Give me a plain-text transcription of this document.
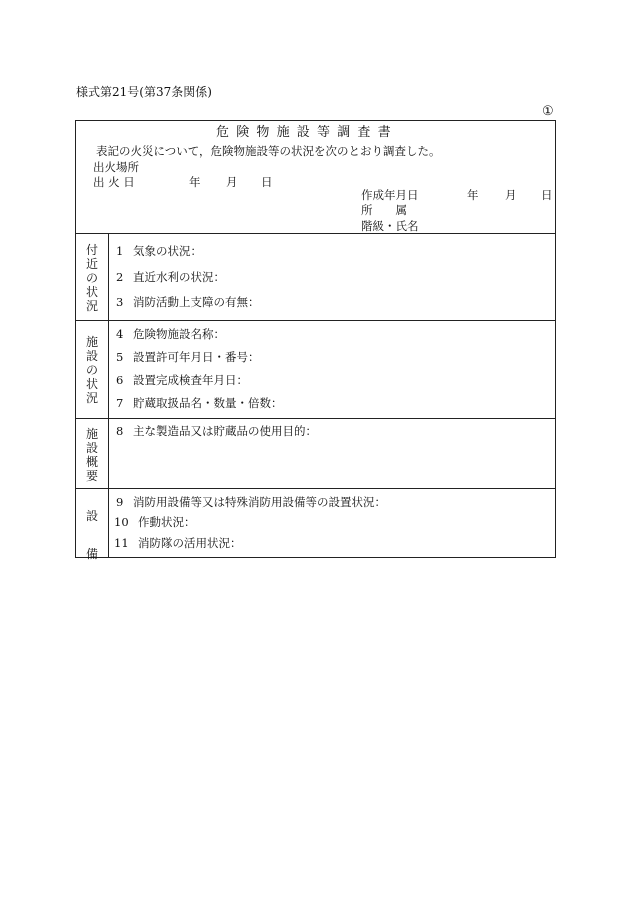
様式第21号(第37条関係)
①
危険物施設等調査書
表記の火災について，危険物施設等の状況を次のとおり調査した。
出火場所
出 火 日	年 月 日
作成年月日	年 月 日
所　　属
階級・氏名
付
近
の
状
況
1 気象の状況：
2 直近水利の状況：
3 消防活動上支障の有無：
施
設
の
状
況
4 危険物施設名称：
5 設置許可年月日・番号：
6 設置完成検査年月日：
7 貯蔵取扱品名・数量・倍数：
施
設
概
要
8 主な製造品又は貯蔵品の使用目的：
設
備
9 消防用設備等又は特殊消防用設備等の設置状況：
10 作動状況：
11 消防隊の活用状況：
